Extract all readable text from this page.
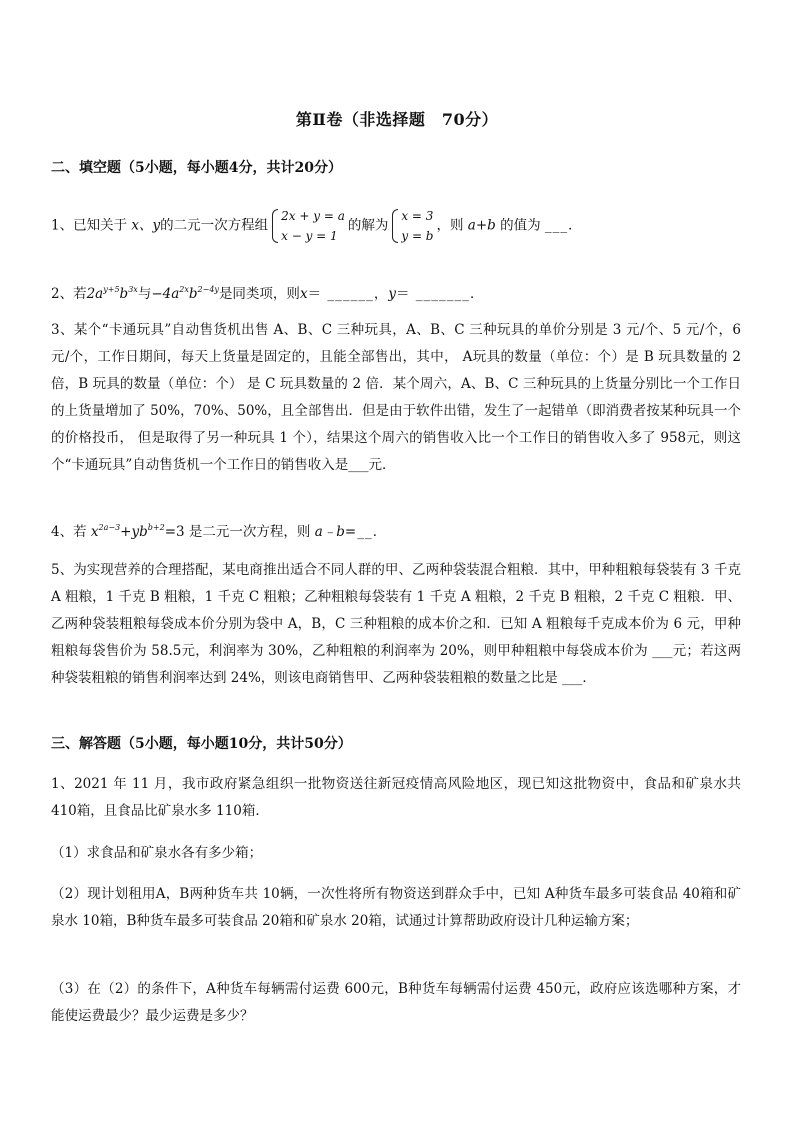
第Ⅱ卷（非选择题　70分）
二、填空题（5小题，每小题4分，共计20分）
1、已知关于 x、y的二元一次方程组
2x + y = a
x − y = 1
的解为
x = 3
y = b
，则 a+b 的值为 ___．
2、若$2a^{y+5}b^{3x}$与$-4a^{2x}b^{2-4y}$是同类项，则x＝ ______，y＝ _______．
3、某个“卡通玩具”自动售货机出售 A、B、C 三种玩具，A、B、C 三种玩具的单价分别是 3 元/个、5 元/个，6 元/个，工作日期间，每天上货量是固定的，且能全部售出，其中， A玩具的数量（单位：个）是 B 玩具数量的 2 倍，B 玩具的数量（单位：个） 是 C 玩具数量的 2 倍．某个周六，A、B、C 三种玩具的上货量分别比一个工作日的上货量增加了 50%，70%、50%，且全部售出．但是由于软件出错，发生了一起错单（即消费者按某种玩具一个的价格投币， 但是取得了另一种玩具 1 个），结果这个周六的销售收入比一个工作日的销售收入多了 958元，则这个“卡通玩具”自动售货机一个工作日的销售收入是___元．
4、若 $x^{2a-3}+yb^{b+2}=3$ 是二元一次方程，则 a﹣b=__．
5、为实现营养的合理搭配，某电商推出适合不同人群的甲、乙两种袋装混合粗粮．其中，甲种粗粮每袋装有 3 千克 A 粗粮，1 千克 B 粗粮，1 千克 C 粗粮；乙种粗粮每袋装有 1 千克 A 粗粮，2 千克 B 粗粮，2 千克 C 粗粮．甲、乙两种袋装粗粮每袋成本价分别为袋中 A，B，C 三种粗粮的成本价之和．已知 A 粗粮每千克成本价为 6 元，甲种粗粮每袋售价为 58.5元，利润率为 30%，乙种粗粮的利润率为 20%，则甲种粗粮中每袋成本价为 ___元；若这两种袋装粗粮的销售利润率达到 24%，则该电商销售甲、乙两种袋装粗粮的数量之比是 ___．
三、解答题（5小题，每小题10分，共计50分）
1、2021 年 11 月，我市政府紧急组织一批物资送往新冠疫情高风险地区，现已知这批物资中，食品和矿泉水共 410箱，且食品比矿泉水多 110箱．
（1）求食品和矿泉水各有多少箱；
（2）现计划租用A，B两种货车共 10辆，一次性将所有物资送到群众手中，已知 A种货车最多可装食品 40箱和矿泉水 10箱，B种货车最多可装食品 20箱和矿泉水 20箱，试通过计算帮助政府设计几种运输方案；
（3）在（2）的条件下，A种货车每辆需付运费 600元，B种货车每辆需付运费 450元，政府应该选哪种方案，才能使运费最少？最少运费是多少？
